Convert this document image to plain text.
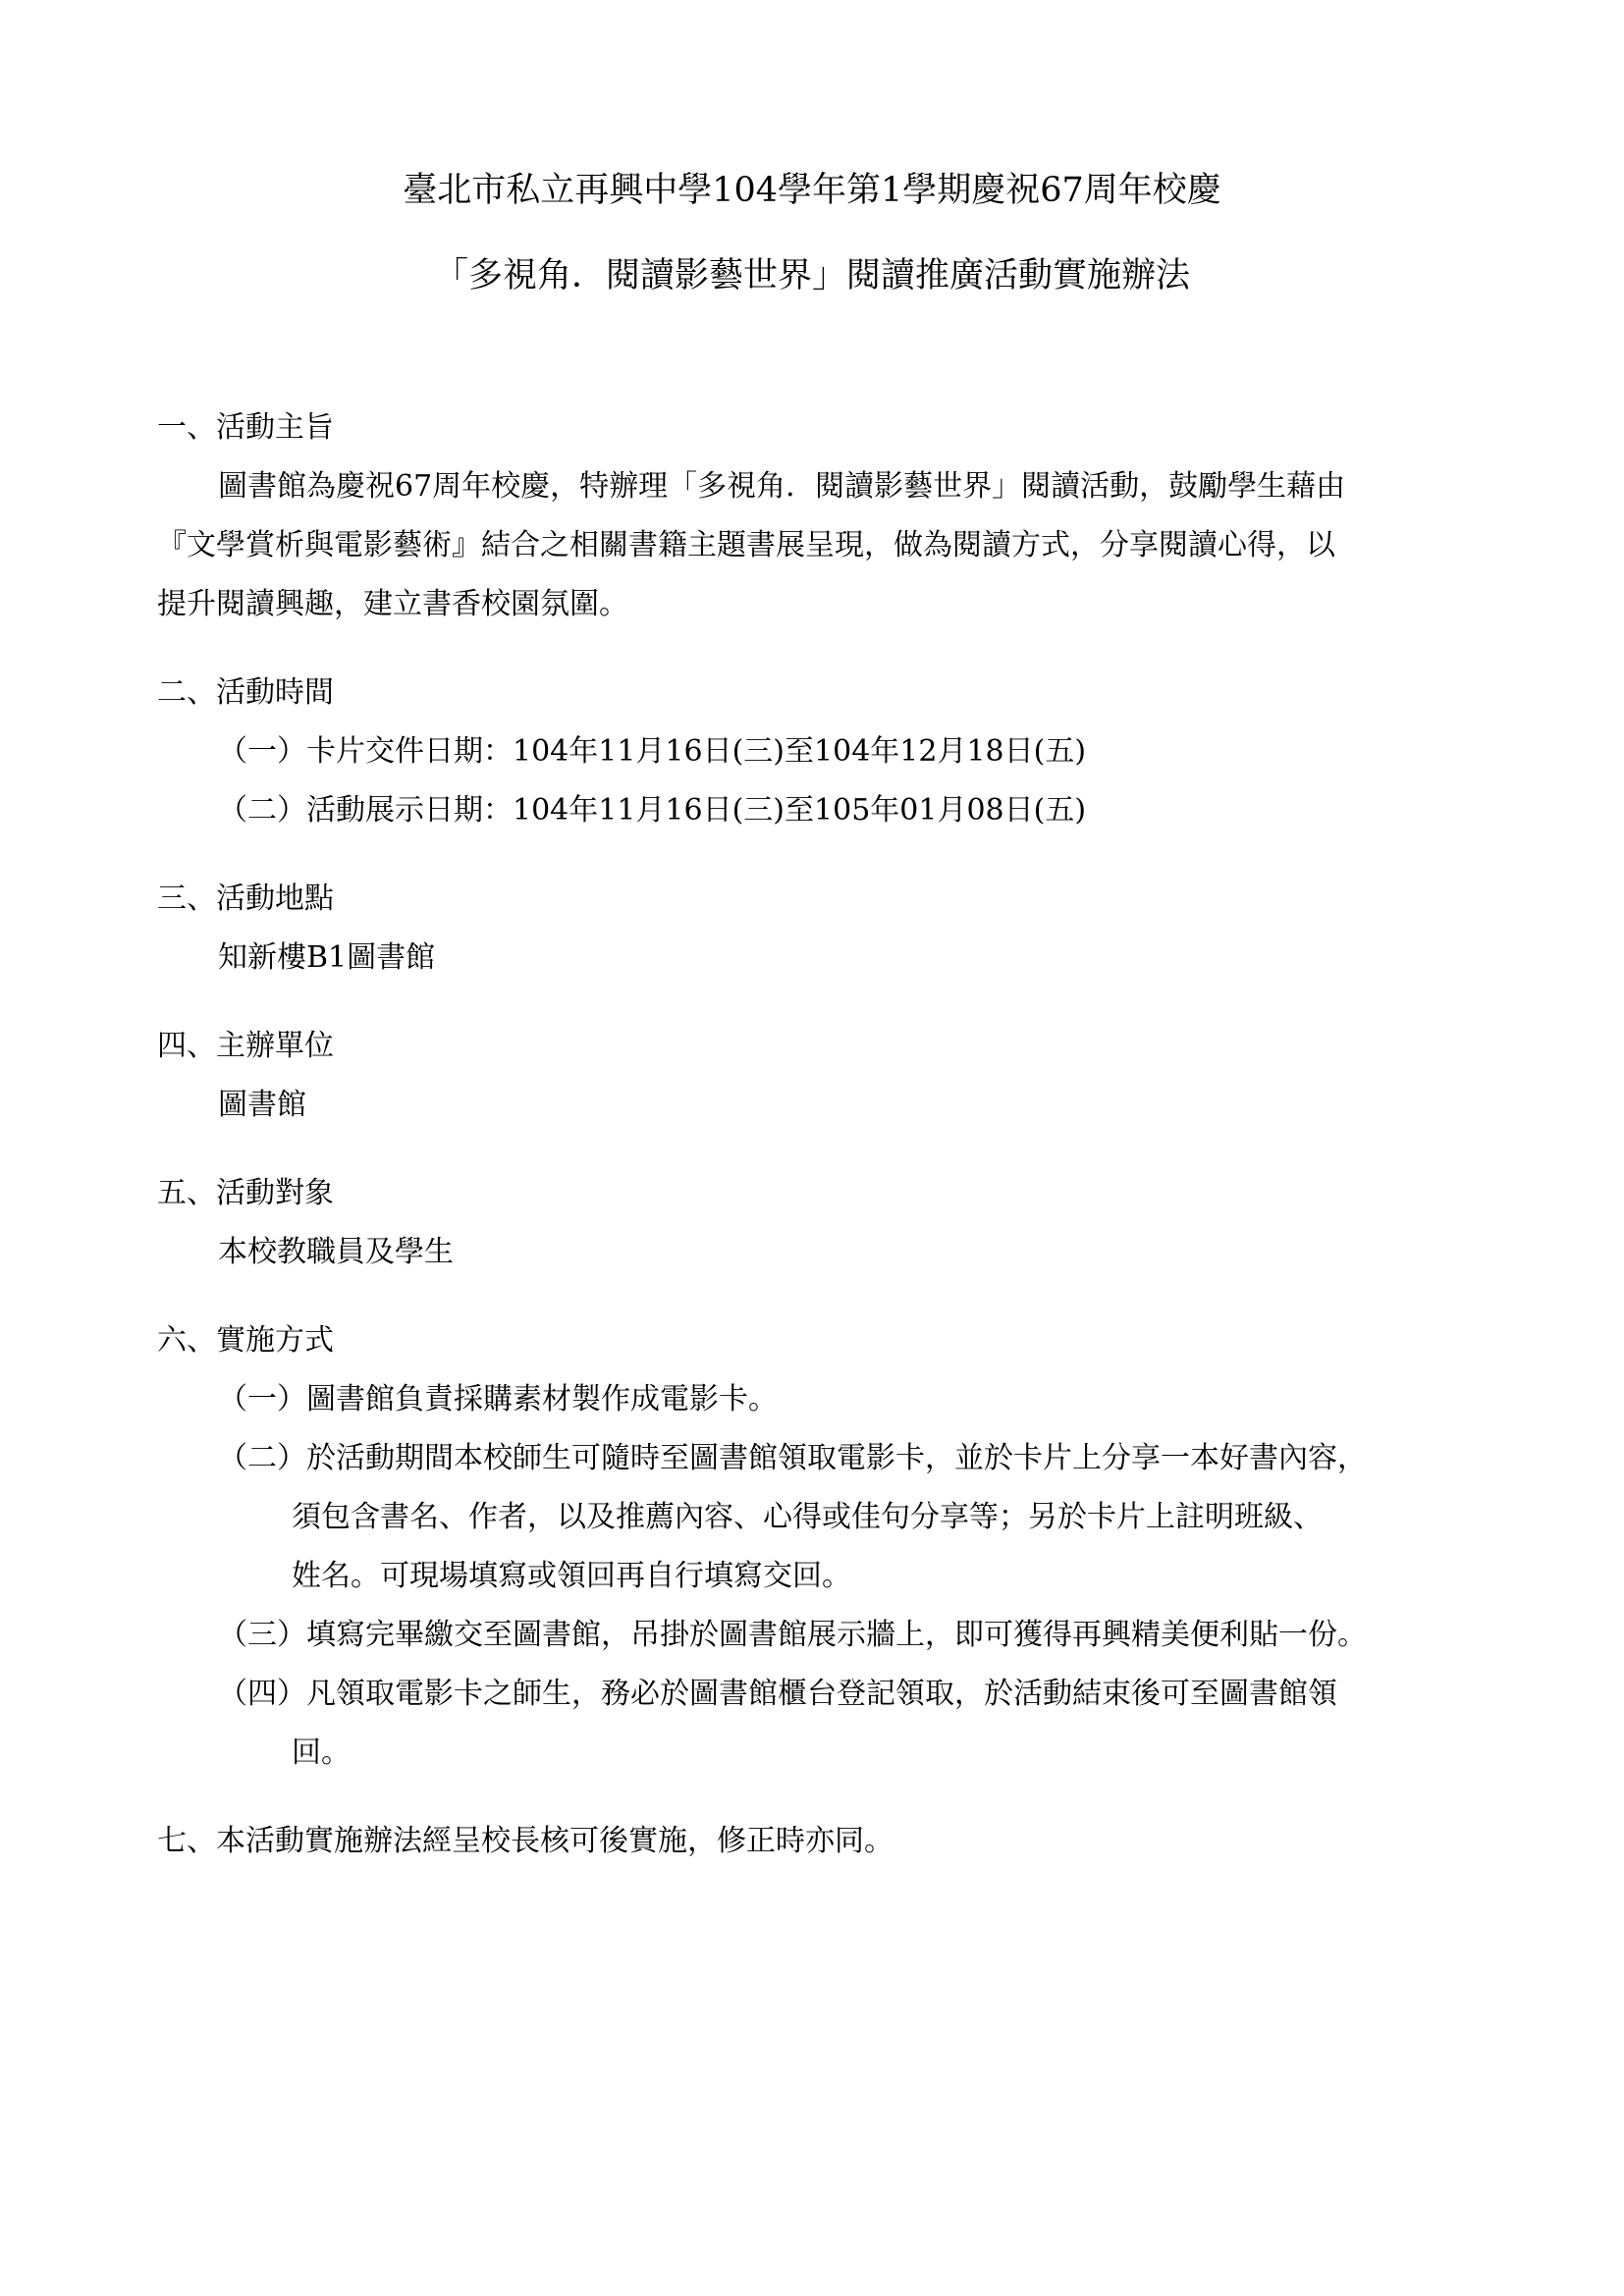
臺北市私立再興中學104學年第1學期慶祝67周年校慶
「多視角．閱讀影藝世界」閱讀推廣活動實施辦法
一、活動主旨
圖書館為慶祝67周年校慶，特辦理「多視角．閱讀影藝世界」閱讀活動，鼓勵學生藉由
『文學賞析與電影藝術』結合之相關書籍主題書展呈現，做為閱讀方式，分享閱讀心得，以
提升閱讀興趣，建立書香校園氛圍。
二、活動時間
（一）卡片交件日期：104年11月16日(三)至104年12月18日(五)
（二）活動展示日期：104年11月16日(三)至105年01月08日(五)
三、活動地點
知新樓B1圖書館
四、主辦單位
圖書館
五、活動對象
本校教職員及學生
六、實施方式
（一）圖書館負責採購素材製作成電影卡。
（二）於活動期間本校師生可隨時至圖書館領取電影卡，並於卡片上分享一本好書內容，
須包含書名、作者，以及推薦內容、心得或佳句分享等；另於卡片上註明班級、
姓名。可現場填寫或領回再自行填寫交回。
（三）填寫完畢繳交至圖書館，吊掛於圖書館展示牆上，即可獲得再興精美便利貼一份。
（四）凡領取電影卡之師生，務必於圖書館櫃台登記領取，於活動結束後可至圖書館領
回。
七、本活動實施辦法經呈校長核可後實施，修正時亦同。
